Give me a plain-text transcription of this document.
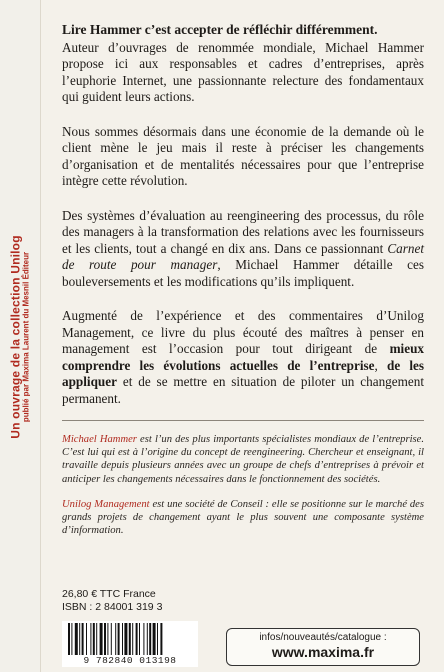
Un ouvrage de la collection Unilog
publié par Maxima Laurent du Mesnil Éditeur

Lire Hammer c’est accepter de réfléchir différemment.

Auteur d’ouvrages de renommée mondiale, Michael Hammer propose ici aux responsables et cadres d’entreprises, après l’euphorie Internet, une passionnante relecture des fondamentaux qui guident leurs actions.

Nous sommes désormais dans une économie de la demande où le client mène le jeu mais il reste à préciser les changements d’organisation et de mentalités nécessaires pour que l’entreprise intègre cette révolution.

Des systèmes d’évaluation au reengineering des processus, du rôle des managers à la transformation des relations avec les fournisseurs et les clients, tout a changé en dix ans. Dans ce passionnant Carnet de route pour manager, Michael Hammer détaille ces bouleversements et les modifications qu’ils impliquent.

Augmenté de l’expérience et des commentaires d’Unilog Management, ce livre du plus écouté des maîtres à penser en management est l’occasion pour tout dirigeant de mieux comprendre les évolutions actuelles de l’entreprise, de les appliquer et de se mettre en situation de piloter un changement permanent.

Michael Hammer est l’un des plus importants spécialistes mondiaux de l’entreprise. C’est lui qui est à l’origine du concept de reengineering. Chercheur et enseignant, il travaille depuis plusieurs années avec un groupe de chefs d’entreprises à prévoir et anticiper les changements nécessaires dans le fonctionnement des sociétés.

Unilog Management est une société de Conseil : elle se positionne sur le marché des grands projets de changement ayant le plus souvent une composante système d’information.

26,80 € TTC France
ISBN : 2 84001 319 3
9 782840 013198
infos/nouveautés/catalogue :
www.maxima.fr
